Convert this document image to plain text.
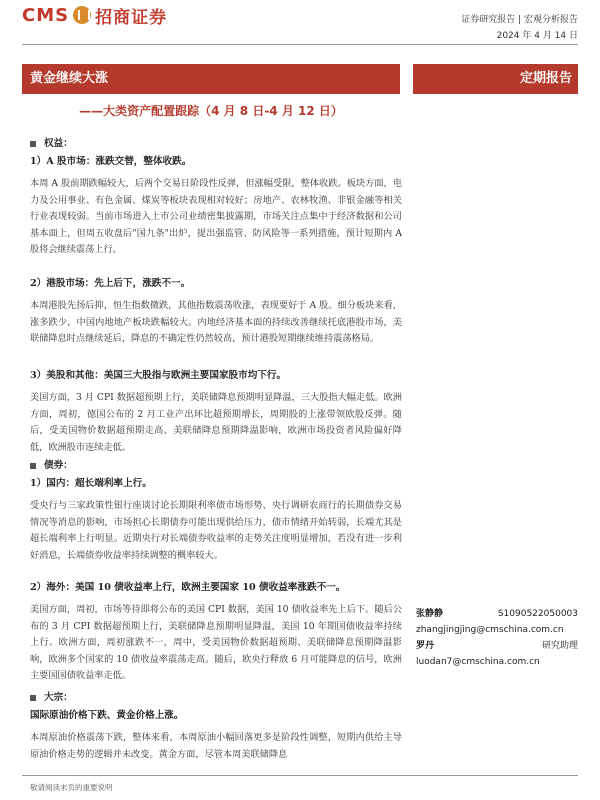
CMS 招商证券	证券研究报告 | 宏观分析报告
2024 年 4 月 14 日
黄金继续大涨	定期报告
——大类资产配置跟踪（4 月 8 日-4 月 12 日）
权益：
1）A 股市场：涨跌交替，整体收跌。
本周 A 股前期跌幅较大，后两个交易日阶段性反弹，但涨幅受限，整体收跌。板块方面，电力及公用事业、有色金属、煤炭等板块表现相对较好；房地产、农林牧渔、非银金融等相关行业表现较弱。当前市场进入上市公司业绩密集披露期，市场关注点集中于经济数据和公司基本面上，但周五收盘后"国九条"出炉，提出强监管、防风险等一系列措施，预计短期内 A 股将会继续震荡上行。
2）港股市场：先上后下，涨跌不一。
本周港股先扬后抑，恒生指数微跌，其他指数震荡收涨，表现要好于 A 股。细分板块来看，涨多跌少，中国内地地产板块跌幅较大。内地经济基本面的持续改善继续托底港股市场，美联储降息时点继续延后，降息的不确定性仍然较高，预计港股短期继续维持震荡格局。
3）美股和其他：美国三大股指与欧洲主要国家股市均下行。
美国方面，3 月 CPI 数据超预期上行，美联储降息预期明显降温，三大股指大幅走低。欧洲方面，周初，德国公布的 2 月工业产出环比超预期增长，周期股的上涨带领欧股反弹。随后，受美国物价数据超预期走高、美联储降息预期降温影响，欧洲市场投资者风险偏好降低，欧洲股市连续走低。
债券：
1）国内：超长端利率上行。
受央行与三家政策性银行座谈讨论长期限利率债市场形势、央行调研农商行的长期债券交易情况等消息的影响，市场担心长期债券可能出现供给压力，债市情绪开始转弱，长端尤其是超长端利率上行明显。近期央行对长端债券收益率的走势关注度明显增加，若没有进一步利好消息，长端债券收益率持续调整的概率较大。
2）海外：美国 10 债收益率上行，欧洲主要国家 10 债收益率涨跌不一。
美国方面，周初，市场等待即将公布的美国 CPI 数据，美国 10 债收益率先上后下。随后公布的 3 月 CPI 数据超预期上行，美联储降息预期明显降温，美国 10 年期国债收益率持续上行。欧洲方面，周初涨跌不一，周中，受美国物价数据超预期、美联储降息预期降温影响，欧洲多个国家的 10 债收益率震荡走高。随后，欧央行释放 6 月可能降息的信号，欧洲主要国国债收益率走低。
大宗：
国际原油价格下跌、黄金价格上涨。
本周原油价格震荡下跌，整体来看，本周原油小幅回落更多是阶段性调整，短期内供给主导原油价格走势的逻辑并未改变。黄金方面，尽管本周美联储降息
张静静	S1090522050003
zhangjingjing@cmschina.com.cn
罗丹	研究助理
luodan7@cmschina.com.cn
敬请阅读末页的重要说明
